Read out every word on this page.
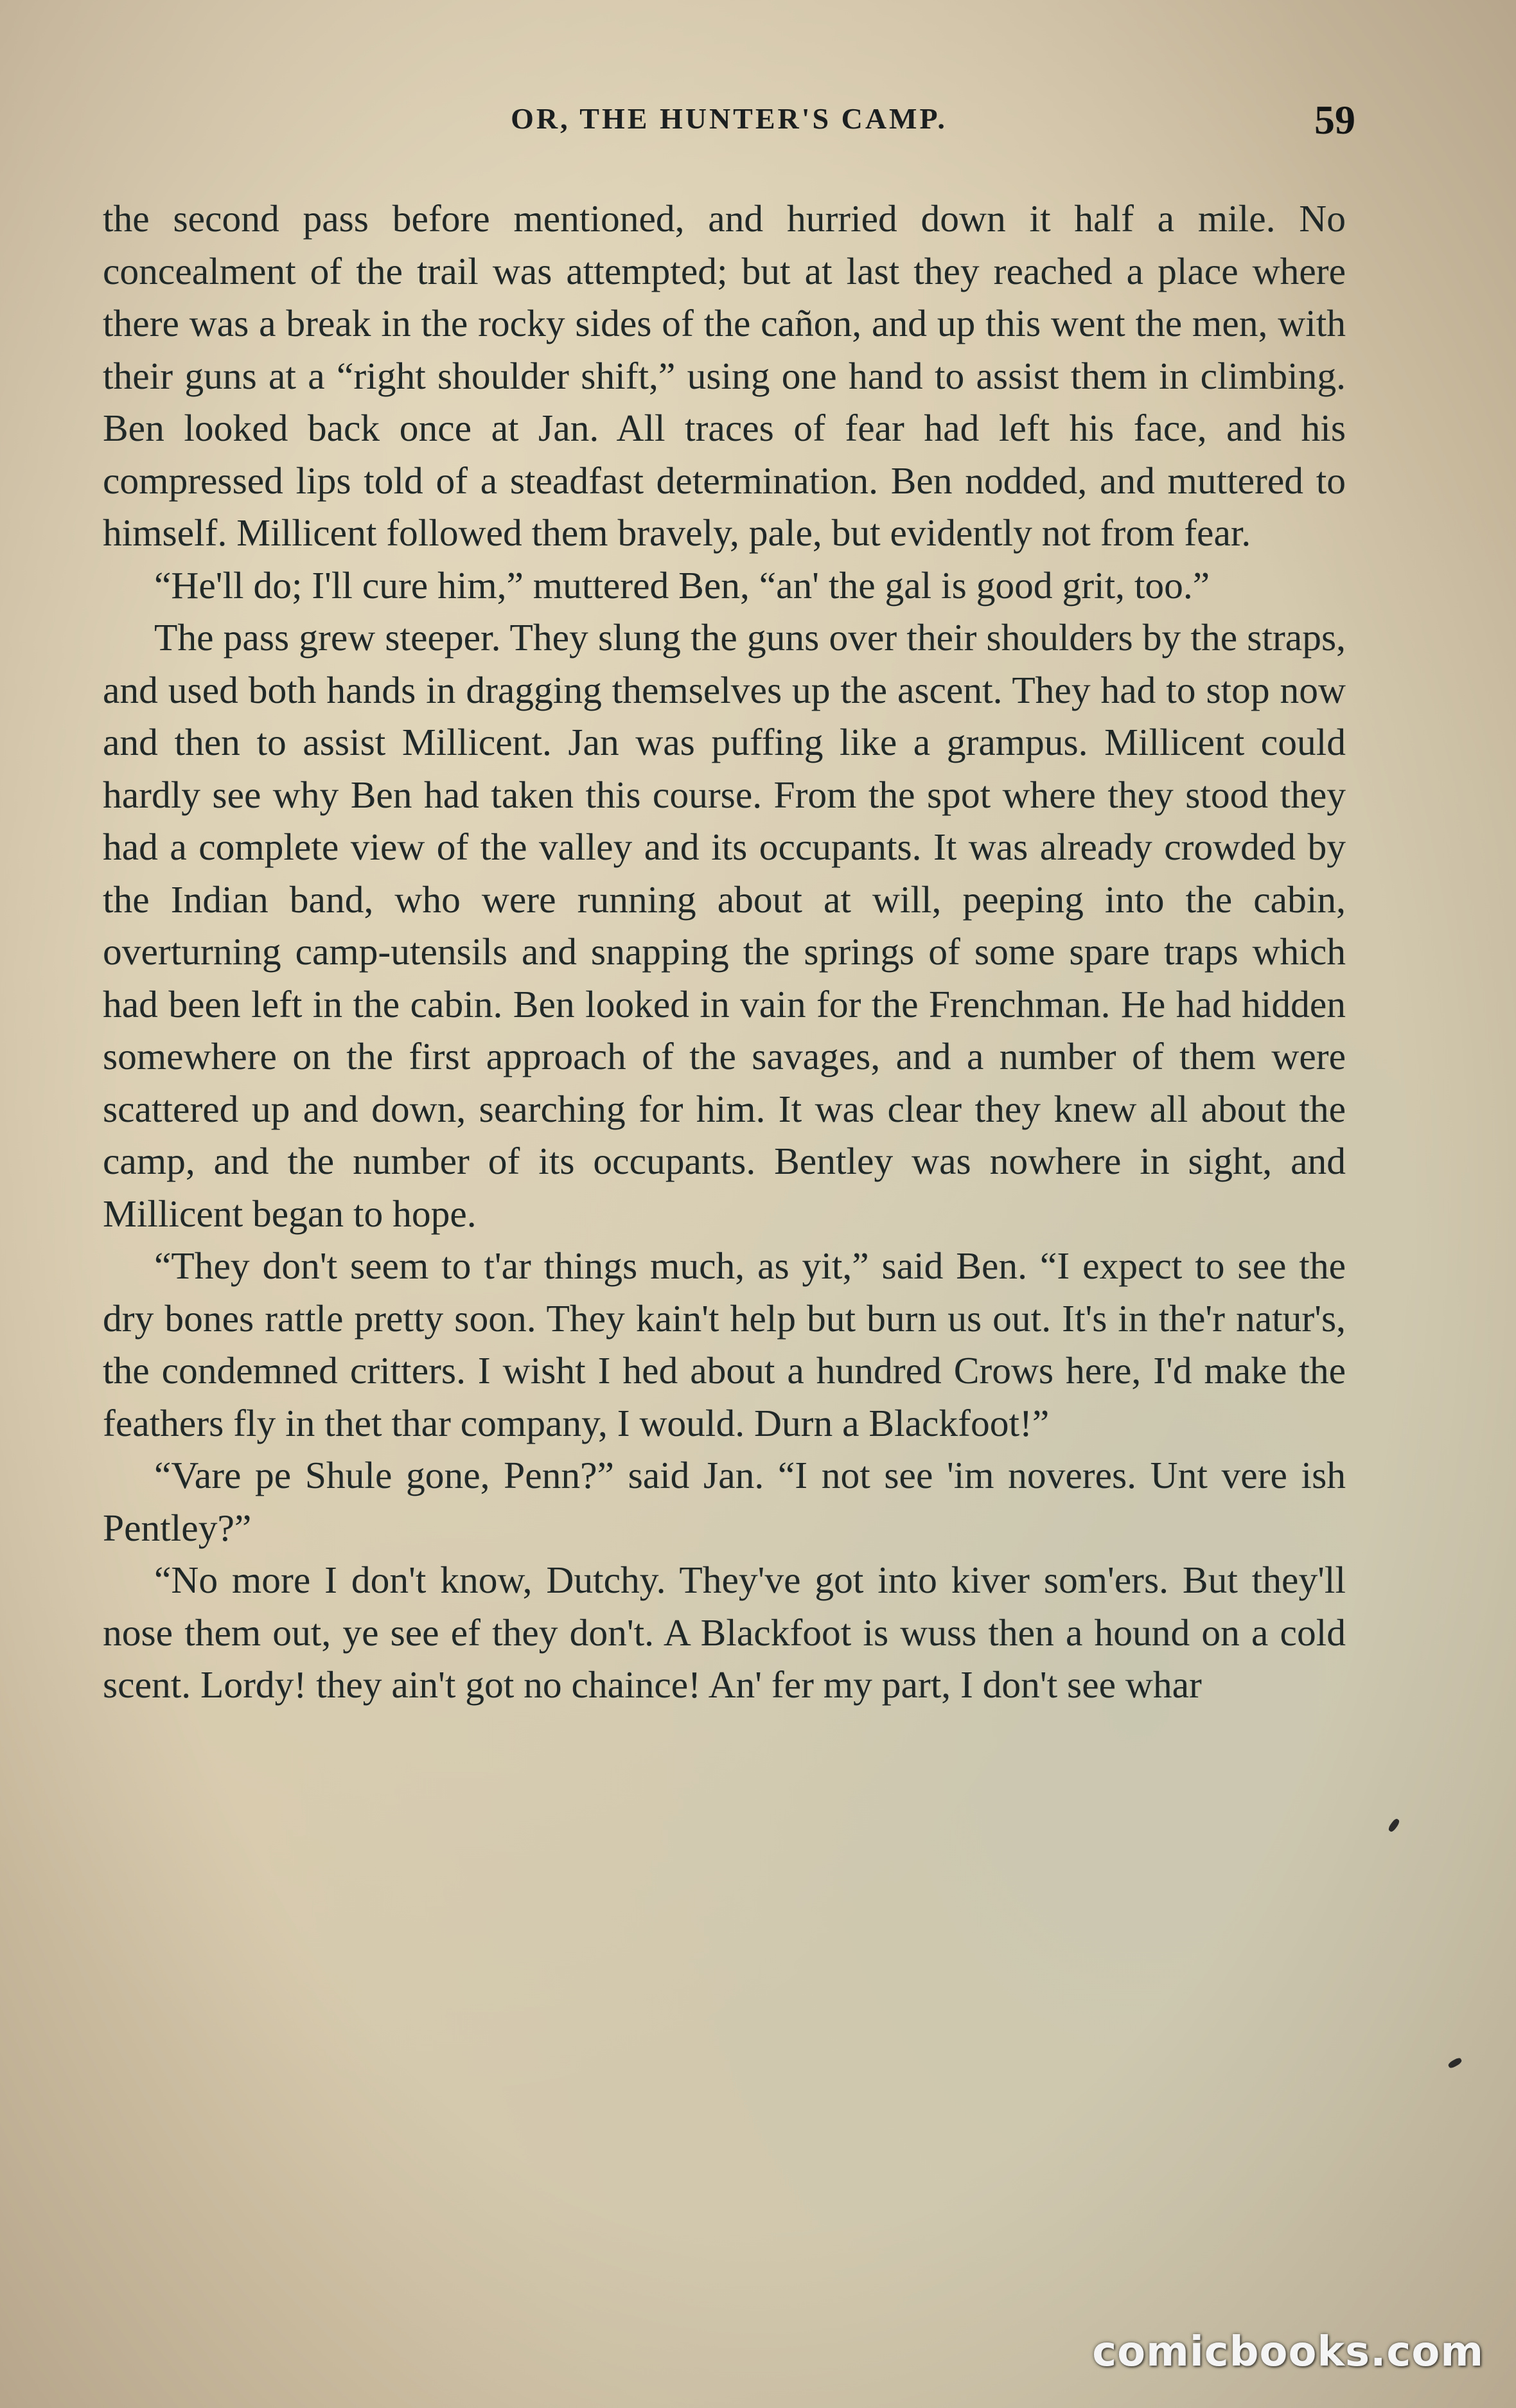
OR, THE HUNTER'S CAMP.	59

the second pass before mentioned, and hurried down it half a mile. No concealment of the trail was attempted; but at last they reached a place where there was a break in the rocky sides of the cañon, and up this went the men, with their guns at a “right shoulder shift,” using one hand to assist them in climbing. Ben looked back once at Jan. All traces of fear had left his face, and his compressed lips told of a steadfast determination. Ben nodded, and muttered to himself. Millicent followed them bravely, pale, but evidently not from fear.

“He'll do; I'll cure him,” muttered Ben, “an' the gal is good grit, too.”

The pass grew steeper. They slung the guns over their shoulders by the straps, and used both hands in dragging themselves up the ascent. They had to stop now and then to assist Millicent. Jan was puffing like a grampus. Millicent could hardly see why Ben had taken this course. From the spot where they stood they had a complete view of the valley and its occupants. It was already crowded by the Indian band, who were running about at will, peeping into the cabin, overturning camp-utensils and snapping the springs of some spare traps which had been left in the cabin. Ben looked in vain for the Frenchman. He had hidden somewhere on the first approach of the savages, and a number of them were scattered up and down, searching for him. It was clear they knew all about the camp, and the number of its occupants. Bentley was nowhere in sight, and Millicent began to hope.

“They don't seem to t'ar things much, as yit,” said Ben. “I expect to see the dry bones rattle pretty soon. They kain't help but burn us out. It's in the'r natur's, the condemned critters. I wisht I hed about a hundred Crows here, I'd make the feathers fly in thet thar company, I would. Durn a Blackfoot!”

“Vare pe Shule gone, Penn?” said Jan. “I not see 'im noveres. Unt vere ish Pentley?”

“No more I don't know, Dutchy. They've got into kiver som'ers. But they'll nose them out, ye see ef they don't. A Blackfoot is wuss then a hound on a cold scent. Lordy! they ain't got no chaince! An' fer my part, I don't see whar

comicbooks.com
